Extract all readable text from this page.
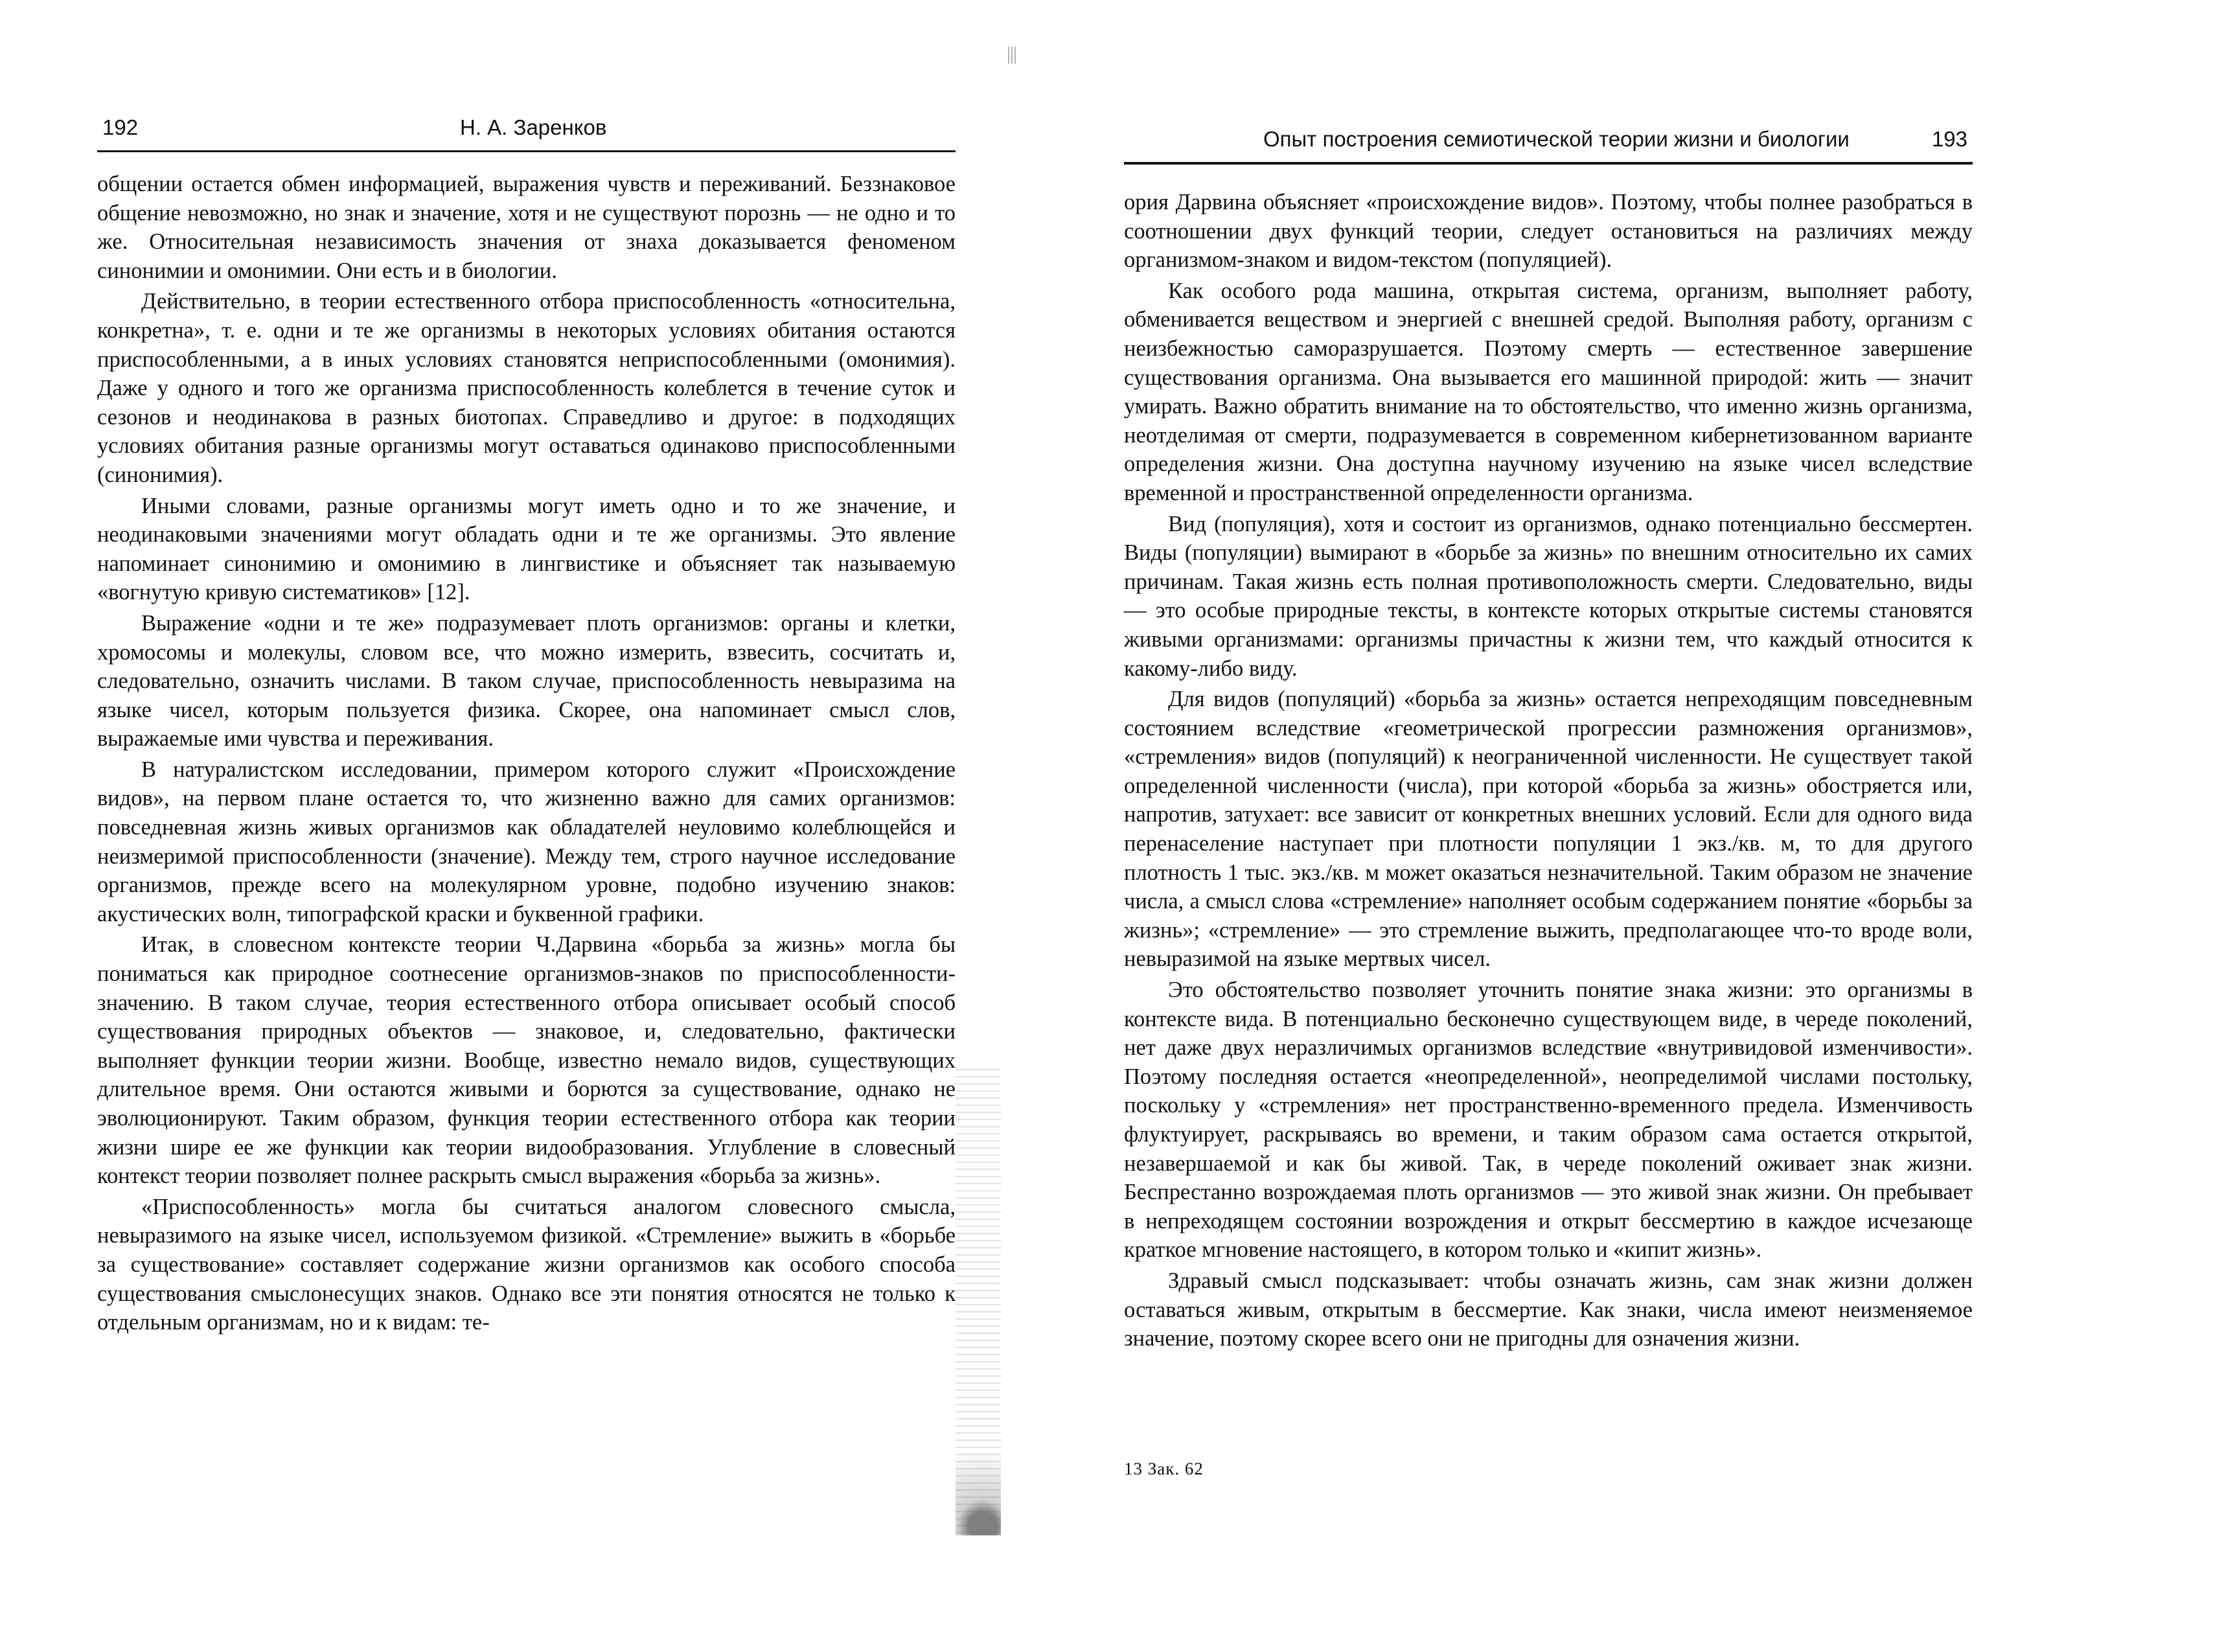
192	Н. А. Заренков

общении остается обмен информацией, выражения чувств и переживаний. Беззнаковое общение невозможно, но знак и значение, хотя и не существуют порознь — не одно и то же. Относительная независимость значения от знаха доказывается феноменом синонимии и омонимии. Они есть и в биологии.

Действительно, в теории естественного отбора приспособленность «относительна, конкретна», т. е. одни и те же организмы в некоторых условиях обитания остаются приспособленными, а в иных условиях становятся неприспособленными (омонимия). Даже у одного и того же организма приспособленность колеблется в течение суток и сезонов и неодинакова в разных биотопах. Справедливо и другое: в подходящих условиях обитания разные организмы могут оставаться одинаково приспособленными (синонимия).

Иными словами, разные организмы могут иметь одно и то же значение, и неодинаковыми значениями могут обладать одни и те же организмы. Это явление напоминает синонимию и омонимию в лингвистике и объясняет так называемую «вогнутую кривую систематиков» [12].

Выражение «одни и те же» подразумевает плоть организмов: органы и клетки, хромосомы и молекулы, словом все, что можно измерить, взвесить, сосчитать и, следовательно, означить числами. В таком случае, приспособленность невыразима на языке чисел, которым пользуется физика. Скорее, она напоминает смысл слов, выражаемые ими чувства и переживания.

В натуралистском исследовании, примером которого служит «Происхождение видов», на первом плане остается то, что жизненно важно для самих организмов: повседневная жизнь живых организмов как обладателей неуловимо колеблющейся и неизмеримой приспособленности (значение). Между тем, строго научное исследование организмов, прежде всего на молекулярном уровне, подобно изучению знаков: акустических волн, типографской краски и буквенной графики.

Итак, в словесном контексте теории Ч.Дарвина «борьба за жизнь» могла бы пониматься как природное соотнесение организмов-знаков по приспособленности-значению. В таком случае, теория естественного отбора описывает особый способ существования природных объектов — знаковое, и, следовательно, фактически выполняет функции теории жизни. Вообще, известно немало видов, существующих длительное время. Они остаются живыми и борются за существование, однако не эволюционируют. Таким образом, функция теории естественного отбора как теории жизни шире ее же функции как теории видообразования. Углубление в словесный контекст теории позволяет полнее раскрыть смысл выражения «борьба за жизнь».

«Приспособленность» могла бы считаться аналогом словесного смысла, невыразимого на языке чисел, используемом физикой. «Стремление» выжить в «борьбе за существование» составляет содержание жизни организмов как особого способа существования смыслонесущих знаков. Однако все эти понятия относятся не только к отдельным организмам, но и к видам: те-

Опыт построения семиотической теории жизни и биологии	193

ория Дарвина объясняет «происхождение видов». Поэтому, чтобы полнее разобраться в соотношении двух функций теории, следует остановиться на различиях между организмом-знаком и видом-текстом (популяцией).

Как особого рода машина, открытая система, организм, выполняет работу, обменивается веществом и энергией с внешней средой. Выполняя работу, организм с неизбежностью саморазрушается. Поэтому смерть — естественное завершение существования организма. Она вызывается его машинной природой: жить — значит умирать. Важно обратить внимание на то обстоятельство, что именно жизнь организма, неотделимая от смерти, подразумевается в современном кибернетизованном варианте определения жизни. Она доступна научному изучению на языке чисел вследствие временной и пространственной определенности организма.

Вид (популяция), хотя и состоит из организмов, однако потенциально бессмертен. Виды (популяции) вымирают в «борьбе за жизнь» по внешним относительно их самих причинам. Такая жизнь есть полная противоположность смерти. Следовательно, виды — это особые природные тексты, в контексте которых открытые системы становятся живыми организмами: организмы причастны к жизни тем, что каждый относится к какому-либо виду.

Для видов (популяций) «борьба за жизнь» остается непреходящим повседневным состоянием вследствие «геометрической прогрессии размножения организмов», «стремления» видов (популяций) к неограниченной численности. Не существует такой определенной численности (числа), при которой «борьба за жизнь» обостряется или, напротив, затухает: все зависит от конкретных внешних условий. Если для одного вида перенаселение наступает при плотности популяции 1 экз./кв. м, то для другого плотность 1 тыс. экз./кв. м может оказаться незначительной. Таким образом не значение числа, а смысл слова «стремление» наполняет особым содержанием понятие «борьбы за жизнь»; «стремление» — это стремление выжить, предполагающее что-то вроде воли, невыразимой на языке мертвых чисел.

Это обстоятельство позволяет уточнить понятие знака жизни: это организмы в контексте вида. В потенциально бесконечно существующем виде, в череде поколений, нет даже двух неразличимых организмов вследствие «внутривидовой изменчивости». Поэтому последняя остается «неопределенной», неопределимой числами постольку, поскольку у «стремления» нет пространственно-временного предела. Изменчивость флуктуирует, раскрываясь во времени, и таким образом сама остается открытой, незавершаемой и как бы живой. Так, в череде поколений оживает знак жизни. Беспрестанно возрождаемая плоть организмов — это живой знак жизни. Он пребывает в непреходящем состоянии возрождения и открыт бессмертию в каждое исчезающе краткое мгновение настоящего, в котором только и «кипит жизнь».

Здравый смысл подсказывает: чтобы означать жизнь, сам знак жизни должен оставаться живым, открытым в бессмертие. Как знаки, числа имеют неизменяемое значение, поэтому скорее всего они не пригодны для означения жизни.

13 Зак. 62
